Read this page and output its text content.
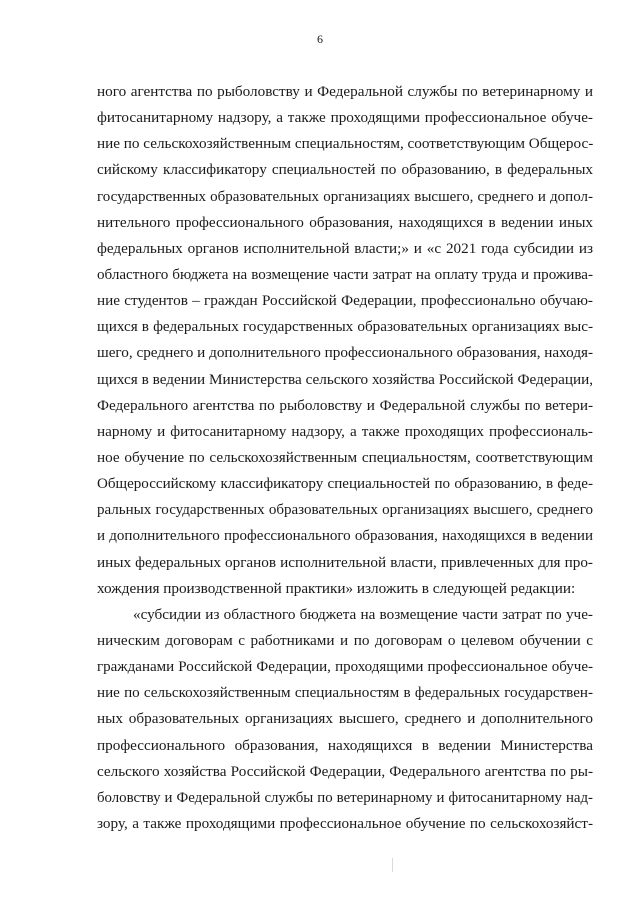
6
ного агентства по рыболовству и Федеральной службы по ветеринарному и
фитосанитарному надзору, а также проходящими профессиональное обуче-
ние по сельскохозяйственным специальностям, соответствующим Общерос-
сийскому классификатору специальностей по образованию, в федеральных
государственных образовательных организациях высшего, среднего и допол-
нительного профессионального образования, находящихся в ведении иных
федеральных органов исполнительной власти;» и «с 2021 года субсидии из
областного бюджета на возмещение части затрат на оплату труда и прожива-
ние студентов – граждан Российской Федерации, профессионально обучаю-
щихся в федеральных государственных образовательных организациях выс-
шего, среднего и дополнительного профессионального образования, находя-
щихся в ведении Министерства сельского хозяйства Российской Федерации,
Федерального агентства по рыболовству и Федеральной службы по ветери-
нарному и фитосанитарному надзору, а также проходящих профессиональ-
ное обучение по сельскохозяйственным специальностям, соответствующим
Общероссийскому классификатору специальностей по образованию, в феде-
ральных государственных образовательных организациях высшего, среднего
и дополнительного профессионального образования, находящихся в ведении
иных федеральных органов исполнительной власти, привлеченных для про-
хождения производственной практики» изложить в следующей редакции:
«субсидии из областного бюджета на возмещение части затрат по уче-
ническим договорам с работниками и по договорам о целевом обучении с
гражданами Российской Федерации, проходящими профессиональное обуче-
ние по сельскохозяйственным специальностям в федеральных государствен-
ных образовательных организациях высшего, среднего и дополнительного
профессионального образования, находящихся в ведении Министерства
сельского хозяйства Российской Федерации, Федерального агентства по ры-
боловству и Федеральной службы по ветеринарному и фитосанитарному над-
зору, а также проходящими профессиональное обучение по сельскохозяйст-
